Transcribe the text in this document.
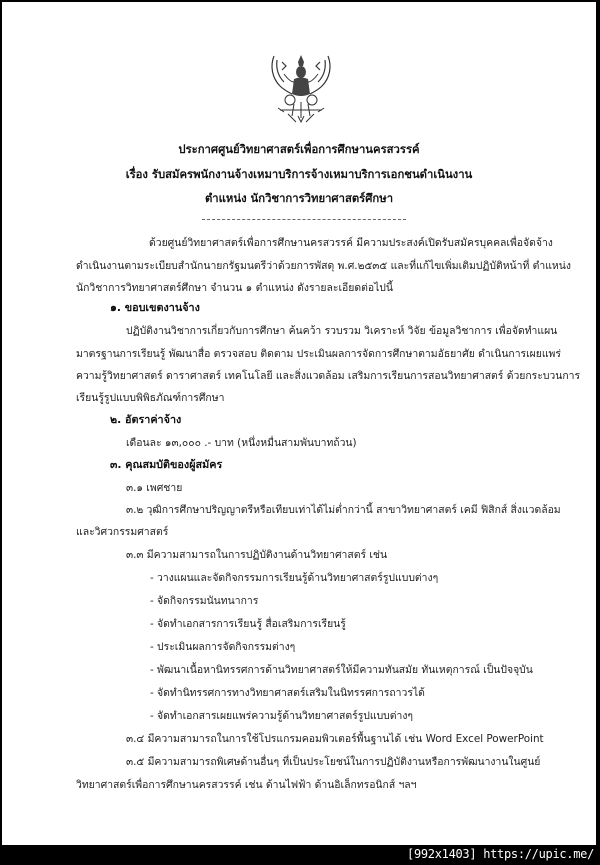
ประกาศศูนย์วิทยาศาสตร์เพื่อการศึกษานครสวรรค์
เรื่อง รับสมัครพนักงานจ้างเหมาบริการจ้างเหมาบริการเอกชนดำเนินงาน
ตำแหน่ง นักวิชาการวิทยาศาสตร์ศึกษา
ด้วยศูนย์วิทยาศาสตร์เพื่อการศึกษานครสวรรค์ มีความประสงค์เปิดรับสมัครบุคคลเพื่อจัดจ้าง
ดำเนินงานตามระเบียบสำนักนายกรัฐมนตรีว่าด้วยการพัสดุ พ.ศ.๒๕๓๕ และที่แก้ไขเพิ่มเติมปฏิบัติหน้าที่ ตำแหน่ง
นักวิชาการวิทยาศาสตร์ศึกษา จำนวน ๑ ตำแหน่ง ดังรายละเอียดต่อไปนี้
๑. ขอบเขตงานจ้าง
ปฏิบัติงานวิชาการเกี่ยวกับการศึกษา ค้นคว้า รวบรวม วิเคราะห์ วิจัย ข้อมูลวิชาการ เพื่อจัดทำแผน
มาตรฐานการเรียนรู้ พัฒนาสื่อ ตรวจสอบ ติดตาม ประเมินผลการจัดการศึกษาตามอัธยาศัย ดำเนินการเผยแพร่
ความรู้วิทยาศาสตร์ ดาราศาสตร์ เทคโนโลยี และสิ่งแวดล้อม เสริมการเรียนการสอนวิทยาศาสตร์ ด้วยกระบวนการ
เรียนรู้รูปแบบพิพิธภัณฑ์การศึกษา
๒. อัตราค่าจ้าง
เดือนละ ๑๓,๐๐๐ .- บาท (หนึ่งหมื่นสามพันบาทถ้วน)
๓. คุณสมบัติของผู้สมัคร
๓.๑ เพศชาย
๓.๒ วุฒิการศึกษาปริญญาตรีหรือเทียบเท่าได้ไม่ต่ำกว่านี้ สาขาวิทยาศาสตร์ เคมี ฟิสิกส์ สิ่งแวดล้อม
และวิศวกรรมศาสตร์
๓.๓ มีความสามารถในการปฏิบัติงานด้านวิทยาศาสตร์ เช่น
- วางแผนและจัดกิจกรรมการเรียนรู้ด้านวิทยาศาสตร์รูปแบบต่างๆ
- จัดกิจกรรมนันทนาการ
- จัดทำเอกสารการเรียนรู้ สื่อเสริมการเรียนรู้
- ประเมินผลการจัดกิจกรรมต่างๆ
- พัฒนาเนื้อหานิทรรศการด้านวิทยาศาสตร์ให้มีความทันสมัย ทันเหตุการณ์ เป็นปัจจุบัน
- จัดทำนิทรรศการทางวิทยาศาสตร์เสริมในนิทรรศการถาวรได้
- จัดทำเอกสารเผยแพร่ความรู้ด้านวิทยาศาสตร์รูปแบบต่างๆ
๓.๔ มีความสามารถในการใช้โปรแกรมคอมพิวเตอร์พื้นฐานได้ เช่น Word Excel PowerPoint
๓.๕ มีความสามารถพิเศษด้านอื่นๆ ที่เป็นประโยชน์ในการปฏิบัติงานหรือการพัฒนางานในศูนย์
วิทยาศาสตร์เพื่อการศึกษานครสวรรค์ เช่น ด้านไฟฟ้า ด้านอิเล็กทรอนิกส์ ฯลฯ
[992x1403] https://upic.me/
